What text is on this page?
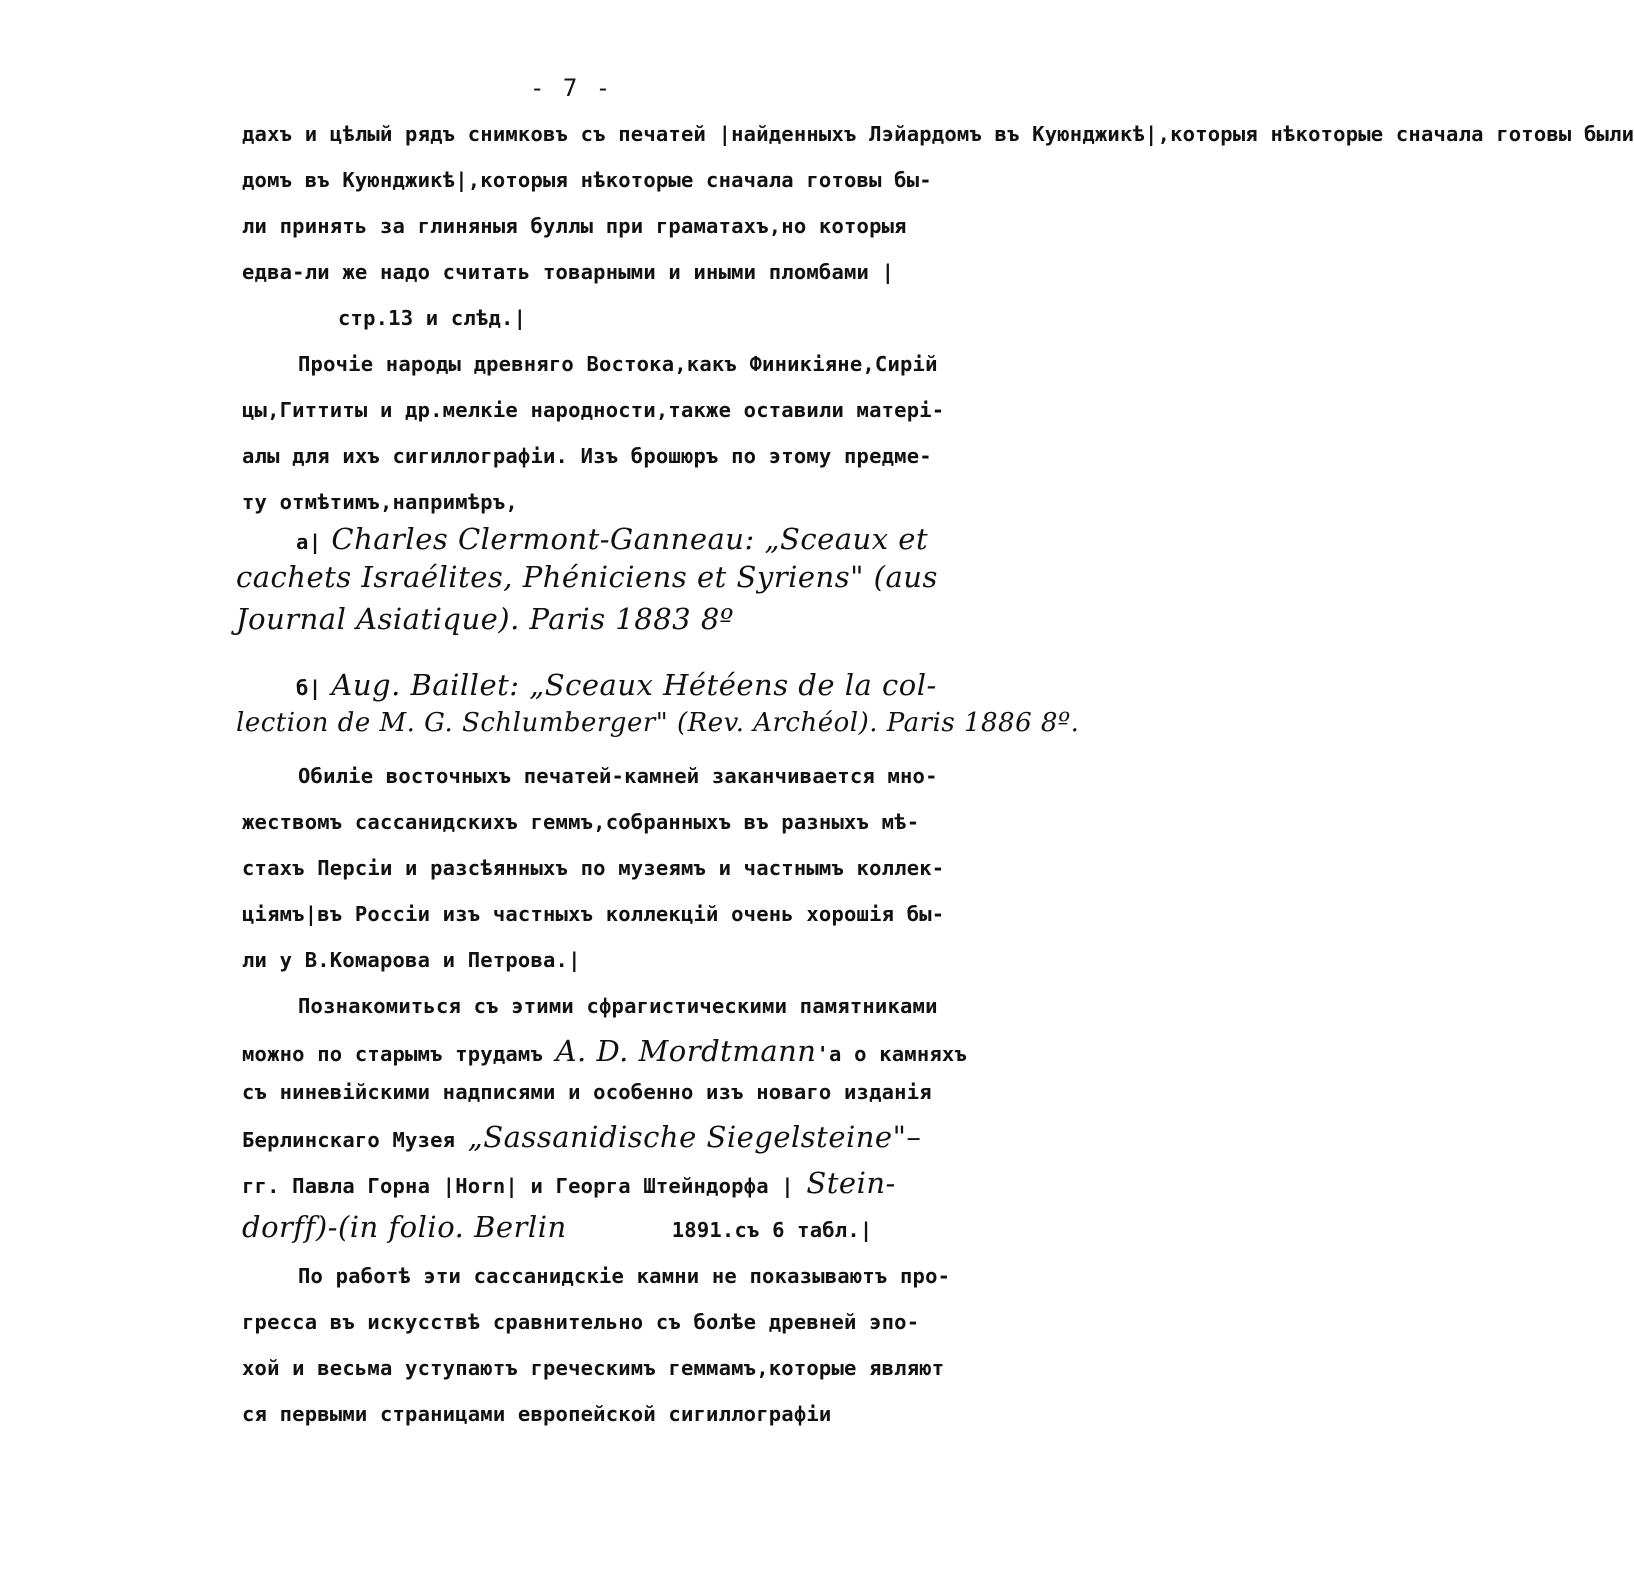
- 7 -
дахъ и цѣлый рядъ снимковъ съ печатей |найденныхъ Лэйардомъ въ Куюнджикѣ|,которыя нѣкоторые сначала готовы были
домъ въ Куюнджикѣ|,которыя нѣкоторые сначала готовы бы-
ли принять за глиняныя буллы при граматахъ,но которыя
едва-ли же надо считать товарными и иными пломбами |
стр.13 и слѣд.|
Прочіе народы древняго Востока,какъ Финикіяне,Сирій
цы,Гиттиты и др.мелкіе народности,также оставили матерi-
алы для ихъ сигиллографіи. Изъ брошюръ по этому предме-
ту отмѣтимъ,напримѣръ,
a| Charles Clermont-Ganneau: „Sceaux et
cachets Israélites, Phéniciens et Syriens" (aus
Journal Asiatique). Paris 1883 8º
б| Aug. Baillet: „Sceaux Hétéens de la col-
lection de M. G. Schlumberger" (Rev. Archéol). Paris 1886 8º.
Обиліе восточныхъ печатей-камней заканчивается мно-
жествомъ сассанидскихъ геммъ,собранныхъ въ разныхъ мѣ-
стахъ Персіи и разсѣянныхъ по музеямъ и частнымъ коллек-
ціямъ|въ Россіи изъ частныхъ коллекцій очень хорошія бы-
ли у В.Комарова и Петрова.|
Познакомиться съ этими сфрагистическими памятниками
можно по старымъ трудамъ A. D. Mordtmann'а о камняхъ
съ ниневійскими надписями и особенно изъ новаго изданія
Берлинскаго Музея „Sassanidische Siegelsteine"–
гг. Павла Горна |Horn| и Георга Штейндорфа | Stein-
dorff)-(in folio. Berlin	1891.съ 6 табл.|
По работѣ эти сассанидскіе камни не показываютъ про-
гресса въ искусствѣ сравнительно съ болѣе древней эпо-
хой и весьма уступаютъ греческимъ геммамъ,которые являют
ся первыми страницами европейской сигиллографіи
